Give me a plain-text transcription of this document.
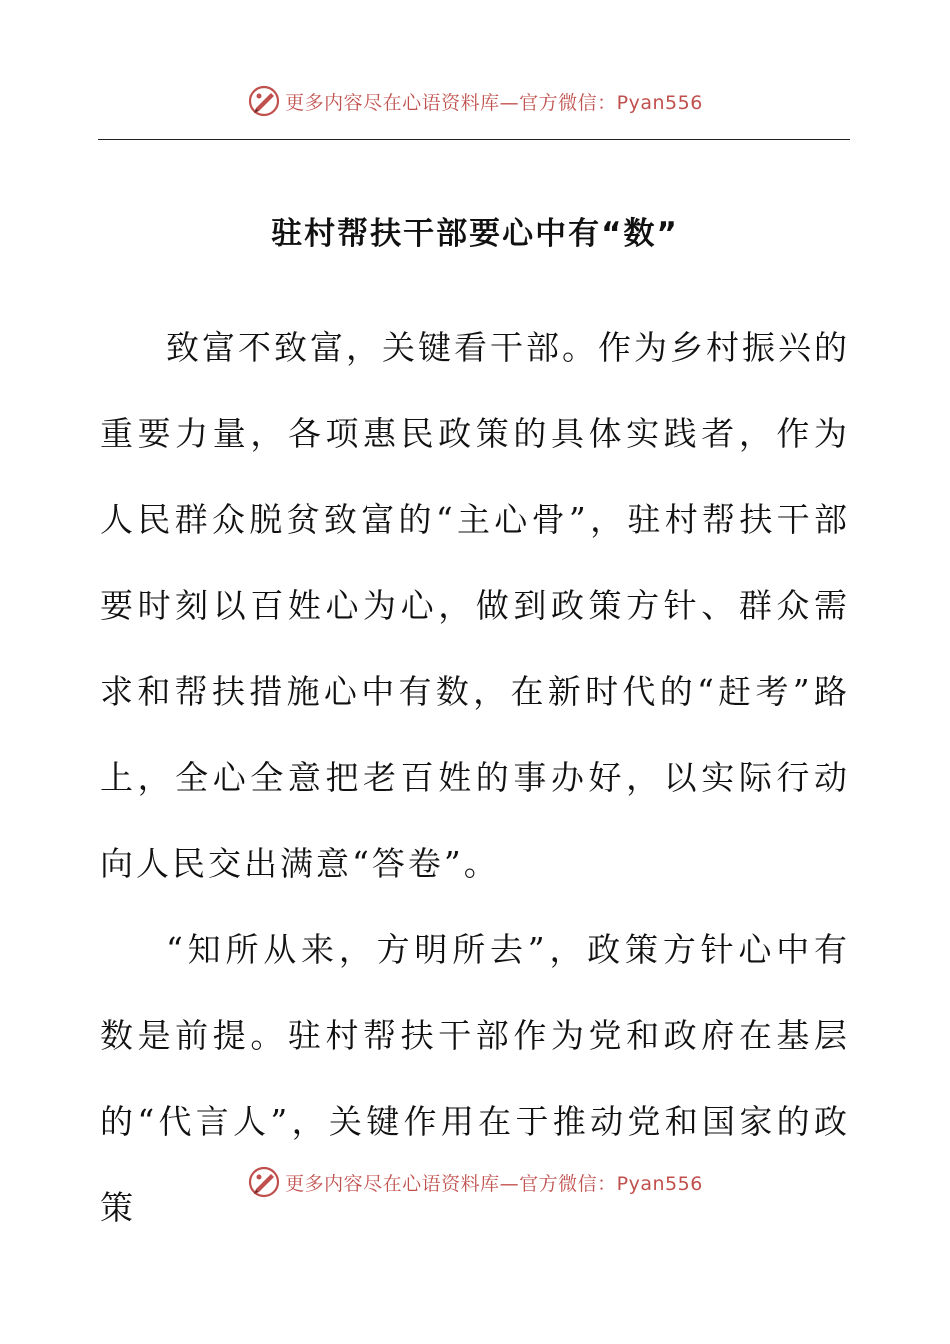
更多内容尽在心语资料库—官方微信：Pyan556
驻村帮扶干部要心中有“数”

致富不致富，关键看干部。作为乡村振兴的重要力量，各项惠民政策的具体实践者，作为人民群众脱贫致富的“主心骨”，驻村帮扶干部要时刻以百姓心为心，做到政策方针、群众需求和帮扶措施心中有数，在新时代的“赶考”路上，全心全意把老百姓的事办好，以实际行动向人民交出满意“答卷”。

“知所从来，方明所去”，政策方针心中有数是前提。驻村帮扶干部作为党和政府在基层的“代言人”，关键作用在于推动党和国家的政策

更多内容尽在心语资料库—官方微信：Pyan556
